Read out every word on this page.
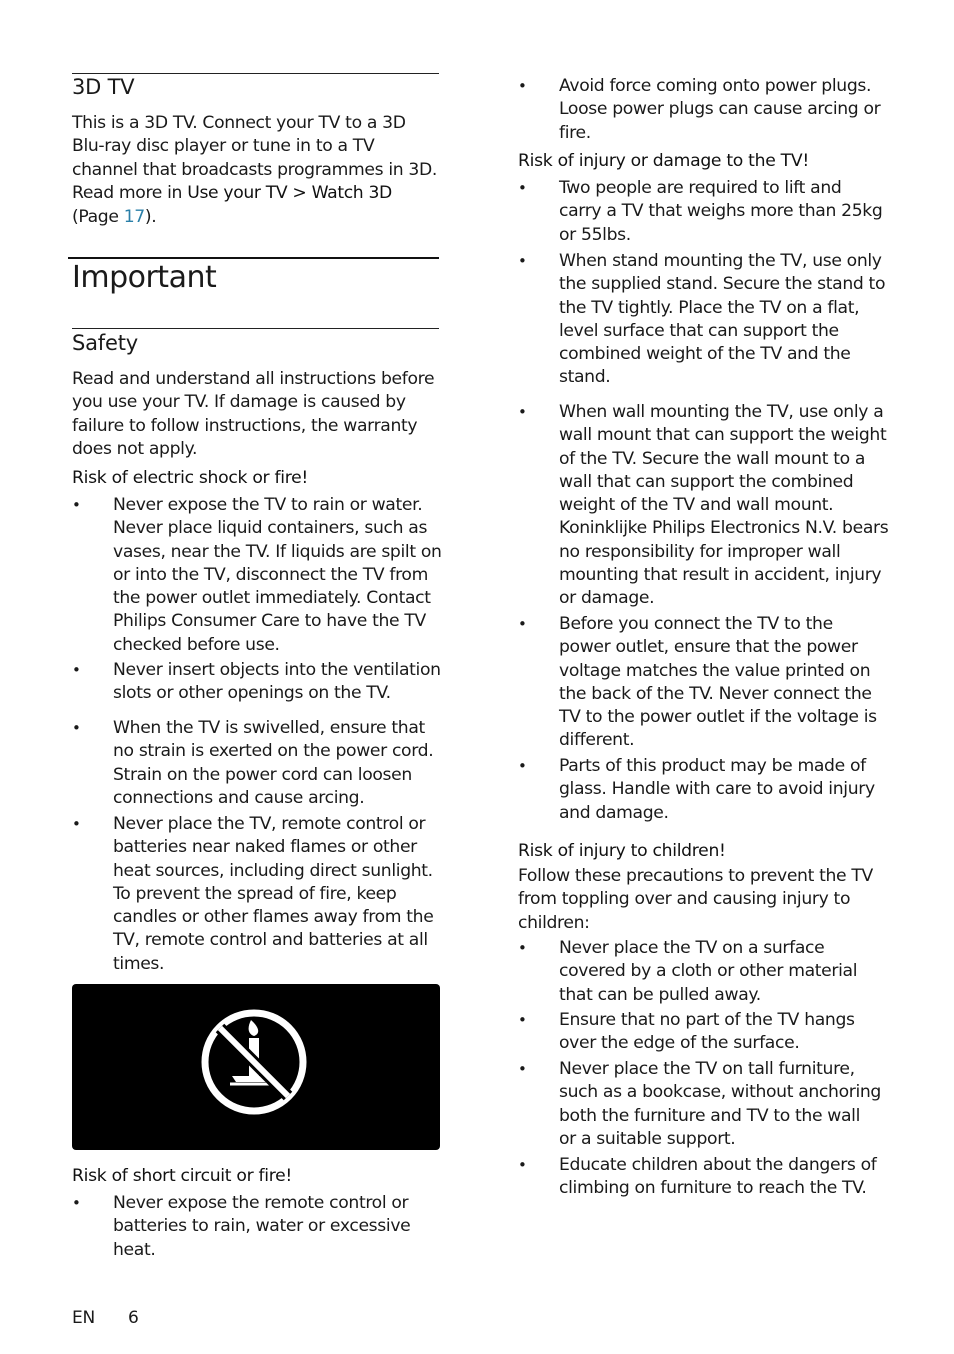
3D TV
This is a 3D TV. Connect your TV to a 3D
Blu-ray disc player or tune in to a TV
channel that broadcasts programmes in 3D.
Read more in Use your TV > Watch 3D
(Page 17).
Important
Safety
Read and understand all instructions before
you use your TV. If damage is caused by
failure to follow instructions, the warranty
does not apply.
Risk of electric shock or fire!
• Never expose the TV to rain or water.
Never place liquid containers, such as
vases, near the TV. If liquids are spilt on
or into the TV, disconnect the TV from
the power outlet immediately. Contact
Philips Consumer Care to have the TV
checked before use.
• Never insert objects into the ventilation
slots or other openings on the TV.
• When the TV is swivelled, ensure that
no strain is exerted on the power cord.
Strain on the power cord can loosen
connections and cause arcing.
• Never place the TV, remote control or
batteries near naked flames or other
heat sources, including direct sunlight.
To prevent the spread of fire, keep
candles or other flames away from the
TV, remote control and batteries at all
times.
Risk of short circuit or fire!
• Never expose the remote control or
batteries to rain, water or excessive
heat.
EN 6
• Avoid force coming onto power plugs.
Loose power plugs can cause arcing or
fire.
Risk of injury or damage to the TV!
• Two people are required to lift and
carry a TV that weighs more than 25kg
or 55lbs.
• When stand mounting the TV, use only
the supplied stand. Secure the stand to
the TV tightly. Place the TV on a flat,
level surface that can support the
combined weight of the TV and the
stand.
• When wall mounting the TV, use only a
wall mount that can support the weight
of the TV. Secure the wall mount to a
wall that can support the combined
weight of the TV and wall mount.
Koninklijke Philips Electronics N.V. bears
no responsibility for improper wall
mounting that result in accident, injury
or damage.
• Before you connect the TV to the
power outlet, ensure that the power
voltage matches the value printed on
the back of the TV. Never connect the
TV to the power outlet if the voltage is
different.
• Parts of this product may be made of
glass. Handle with care to avoid injury
and damage.
Risk of injury to children!
Follow these precautions to prevent the TV
from toppling over and causing injury to
children:
• Never place the TV on a surface
covered by a cloth or other material
that can be pulled away.
• Ensure that no part of the TV hangs
over the edge of the surface.
• Never place the TV on tall furniture,
such as a bookcase, without anchoring
both the furniture and TV to the wall
or a suitable support.
• Educate children about the dangers of
climbing on furniture to reach the TV.
